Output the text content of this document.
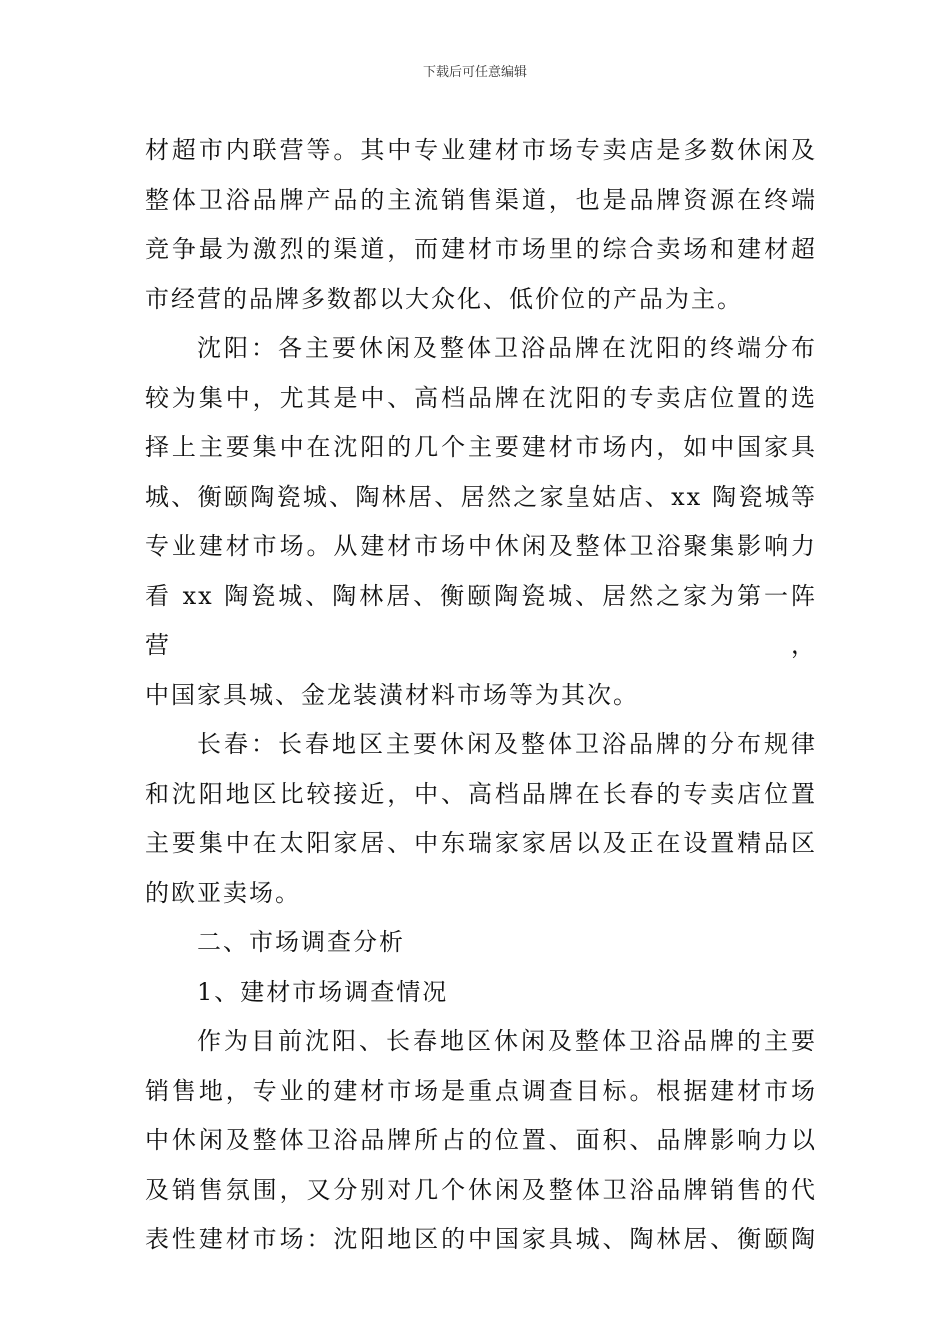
下载后可任意编辑

材超市内联营等。其中专业建材市场专卖店是多数休闲及
整体卫浴品牌产品的主流销售渠道，也是品牌资源在终端
竞争最为激烈的渠道，而建材市场里的综合卖场和建材超
市经营的品牌多数都以大众化、低价位的产品为主。

沈阳：各主要休闲及整体卫浴品牌在沈阳的终端分布
较为集中，尤其是中、高档品牌在沈阳的专卖店位置的选
择上主要集中在沈阳的几个主要建材市场内，如中国家具
城、衡颐陶瓷城、陶林居、居然之家皇姑店、xx 陶瓷城等
专业建材市场。从建材市场中休闲及整体卫浴聚集影响力
看 xx 陶瓷城、陶林居、衡颐陶瓷城、居然之家为第一阵营，
中国家具城、金龙装潢材料市场等为其次。

长春：长春地区主要休闲及整体卫浴品牌的分布规律
和沈阳地区比较接近，中、高档品牌在长春的专卖店位置
主要集中在太阳家居、中东瑞家家居以及正在设置精品区
的欧亚卖场。

二、市场调查分析

1、建材市场调查情况

作为目前沈阳、长春地区休闲及整体卫浴品牌的主要
销售地，专业的建材市场是重点调查目标。根据建材市场
中休闲及整体卫浴品牌所占的位置、面积、品牌影响力以
及销售氛围，又分别对几个休闲及整体卫浴品牌销售的代
表性建材市场：沈阳地区的中国家具城、陶林居、衡颐陶
